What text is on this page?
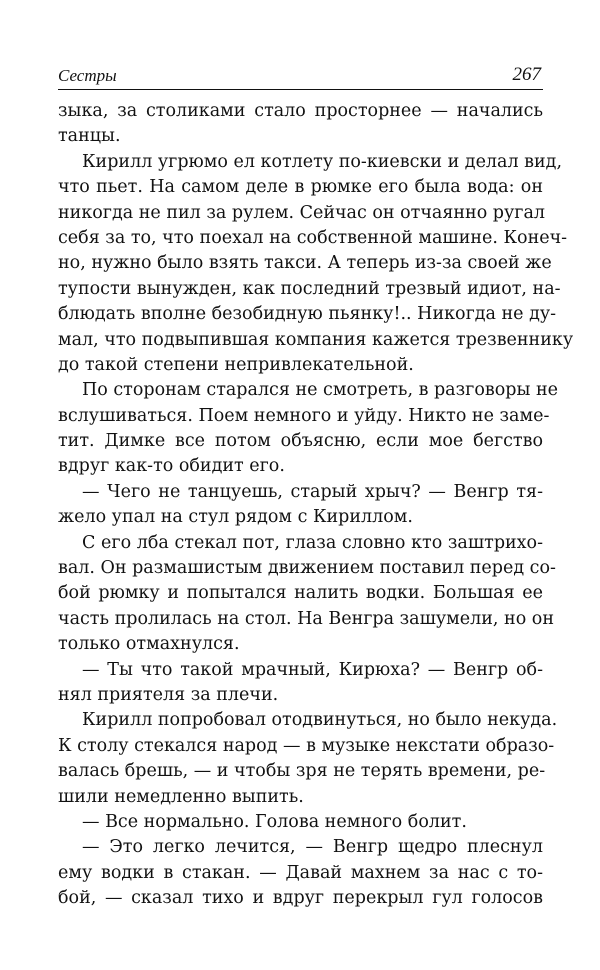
Сестры	267
зыка, за столиками стало просторнее — начались
танцы.
Кирилл угрюмо ел котлету по-киевски и делал вид,
что пьет. На самом деле в рюмке его была вода: он
никогда не пил за рулем. Сейчас он отчаянно ругал
себя за то, что поехал на собственной машине. Конеч-
но, нужно было взять такси. А теперь из-за своей же
тупости вынужден, как последний трезвый идиот, на-
блюдать вполне безобидную пьянку!.. Никогда не ду-
мал, что подвыпившая компания кажется трезвеннику
до такой степени непривлекательной.
По сторонам старался не смотреть, в разговоры не
вслушиваться. Поем немного и уйду. Никто не заме-
тит. Димке все потом объясню, если мое бегство
вдруг как-то обидит его.
— Чего не танцуешь, старый хрыч? — Венгр тя-
жело упал на стул рядом с Кириллом.
С его лба стекал пот, глаза словно кто заштрихо-
вал. Он размашистым движением поставил перед со-
бой рюмку и попытался налить водки. Большая ее
часть пролилась на стол. На Венгра зашумели, но он
только отмахнулся.
— Ты что такой мрачный, Кирюха? — Венгр об-
нял приятеля за плечи.
Кирилл попробовал отодвинуться, но было некуда.
К столу стекался народ — в музыке некстати образо-
валась брешь, — и чтобы зря не терять времени, ре-
шили немедленно выпить.
— Все нормально. Голова немного болит.
— Это легко лечится, — Венгр щедро плеснул
ему водки в стакан. — Давай махнем за нас с то-
бой, — сказал тихо и вдруг перекрыл гул голосов
